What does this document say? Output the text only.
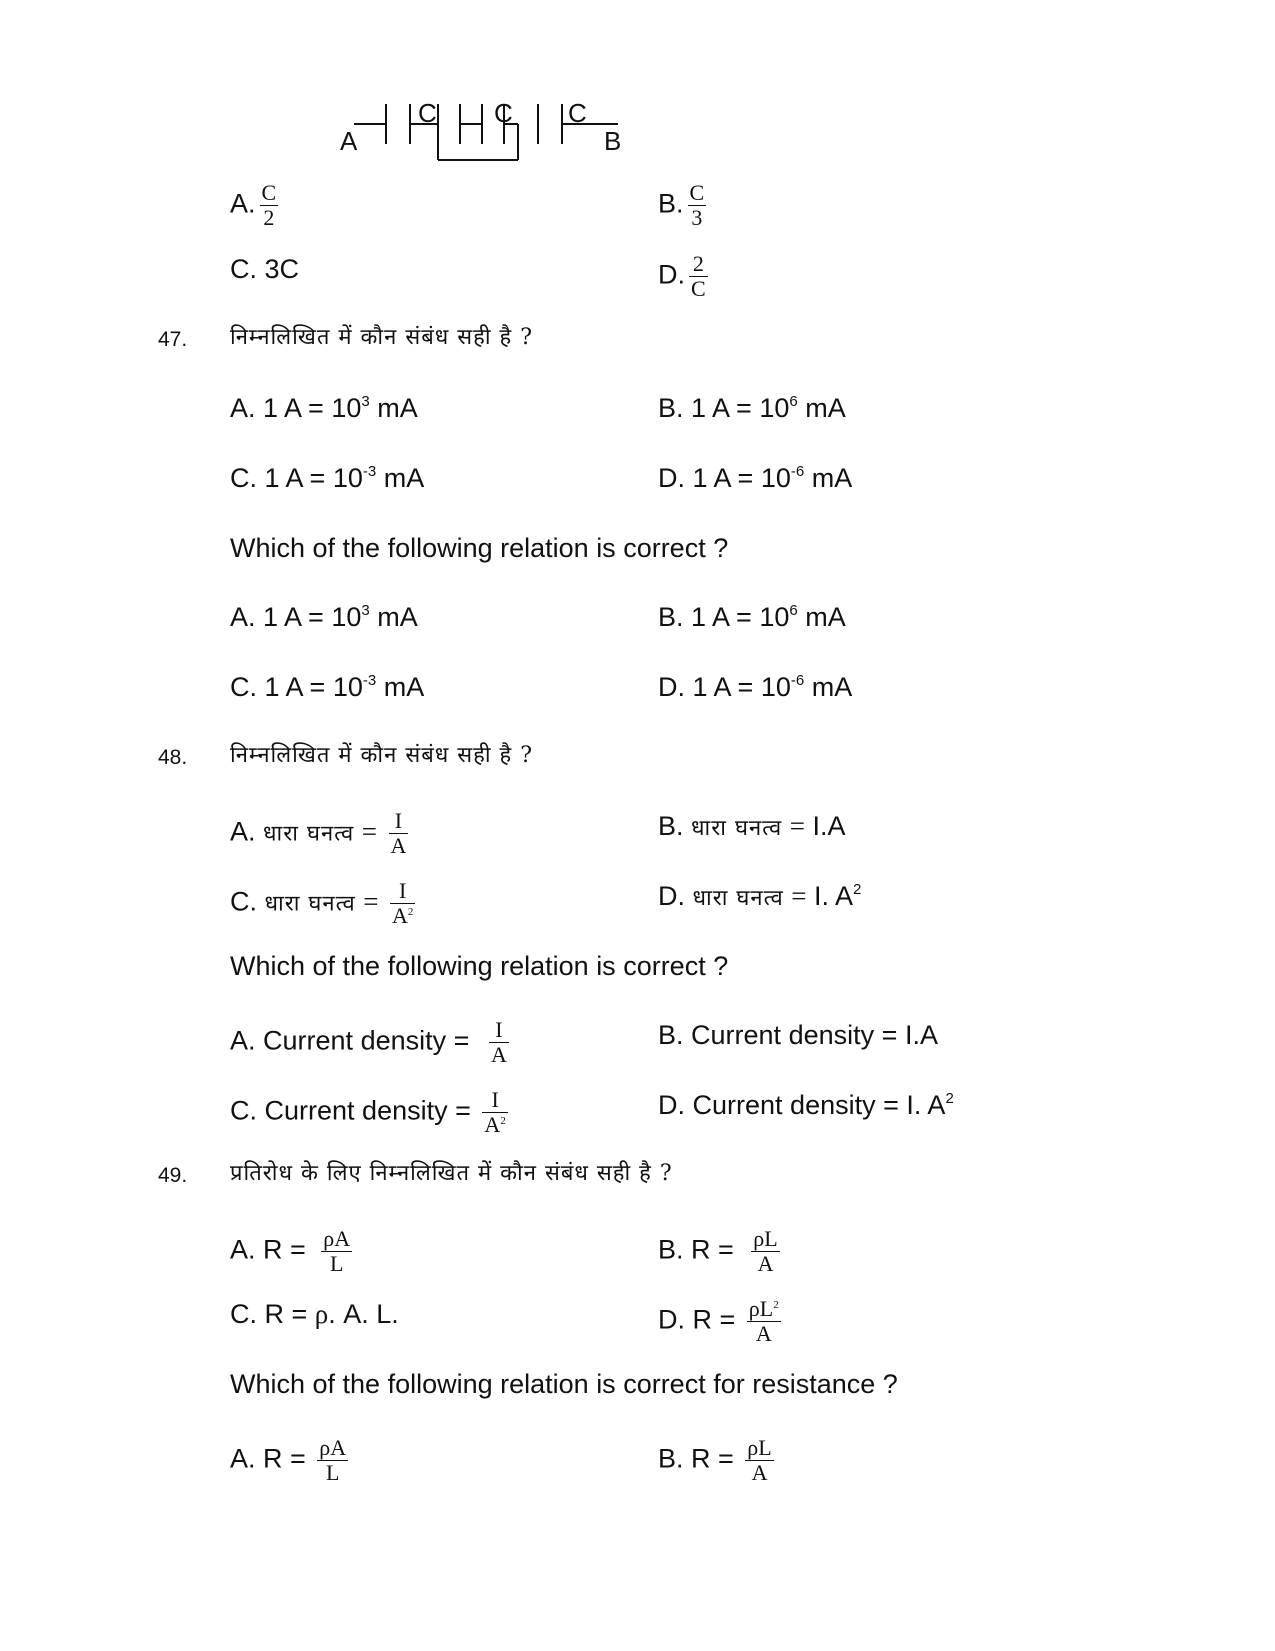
A	B
C C C
A. $\frac{C}{2}$	B. $\frac{C}{3}$
C. 3C	D. $\frac{2}{C}$
47. निम्नलिखित में कौन संबंध सही है ?
A. 1 $A = 10^3$ mA	B. 1 $A = 10^6$ mA
C. 1 $A = 10^{-3}$ mA	D. 1 $A = 10^{-6}$ mA
Which of the following relation is correct ?
A. 1 $A = 10^3$ mA	B. 1 $A = 10^6$ mA
C. 1 $A = 10^{-3}$ mA	D. 1 $A = 10^{-6}$ mA
48. निम्नलिखित में कौन संबंध सही है ?
A. धारा घनत्व = $\frac{I}{A}$	B. धारा घनत्व = I.A
C. धारा घनत्व = $\frac{I}{A^2}$	D. धारा घनत्व = I. $A^2$
Which of the following relation is correct ?
A. Current density = $\frac{I}{A}$	B. Current density = I.A
C. Current density = $\frac{I}{A^2}$	D. Current density = I. $A^2$
49. प्रतिरोध के लिए निम्नलिखित में कौन संबंध सही है ?
A. $R = \frac{\rho A}{L}$	B. $R = \frac{\rho L}{A}$
C. R = ρ. A. L.	D. $R = \frac{\rho L^2}{A}$
Which of the following relation is correct for resistance ?
A. $R = \frac{\rho A}{L}$	B. $R = \frac{\rho L}{A}$
